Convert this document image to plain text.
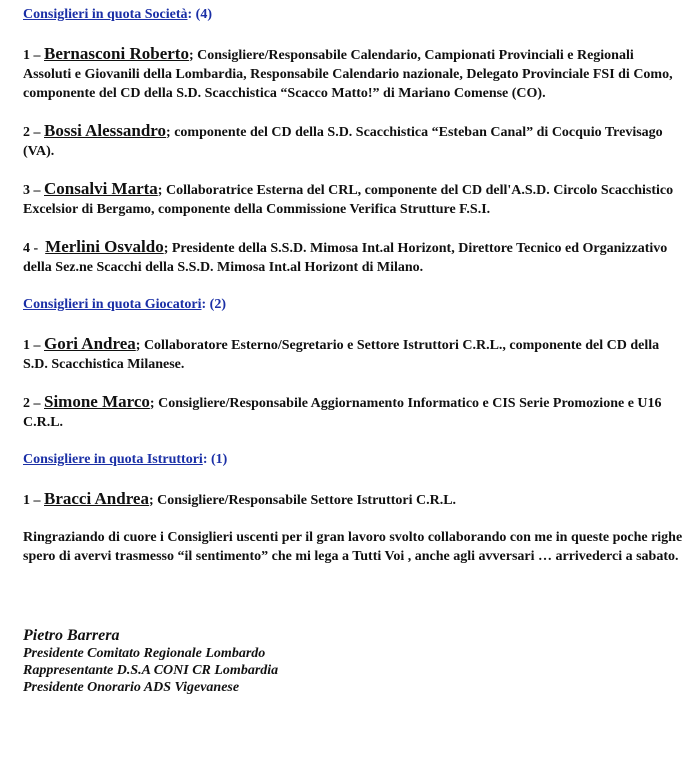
Consiglieri in quota Società: (4)

1 – Bernasconi Roberto; Consigliere/Responsabile Calendario, Campionati Provinciali e Regionali Assoluti e Giovanili della Lombardia, Responsabile Calendario nazionale, Delegato Provinciale FSI di Como, componente del CD della S.D. Scacchistica “Scacco Matto!” di Mariano Comense (CO).

2 – Bossi Alessandro; componente del CD della S.D. Scacchistica “Esteban Canal” di Cocquio Trevisago (VA).

3 – Consalvi Marta; Collaboratrice Esterna del CRL, componente del CD dell'A.S.D. Circolo Scacchistico Excelsior di Bergamo, componente della Commissione Verifica Strutture F.S.I.

4 -  Merlini Osvaldo; Presidente della S.S.D. Mimosa Int.al Horizont, Direttore Tecnico ed Organizzativo della Sez.ne Scacchi della S.S.D. Mimosa Int.al Horizont di Milano.

Consiglieri in quota Giocatori: (2)

1 – Gori Andrea; Collaboratore Esterno/Segretario e Settore Istruttori C.R.L., componente del CD della S.D. Scacchistica Milanese.

2 – Simone Marco; Consigliere/Responsabile Aggiornamento Informatico e CIS Serie Promozione e U16 C.R.L.

Consigliere in quota Istruttori: (1)

1 – Bracci Andrea; Consigliere/Responsabile Settore Istruttori C.R.L.

Ringraziando di cuore i Consiglieri uscenti per il gran lavoro svolto collaborando con me in queste poche righe spero di avervi trasmesso “il sentimento” che mi lega a Tutti Voi , anche agli avversari … arrivederci a sabato.

Pietro Barrera

Presidente Comitato Regionale Lombardo

Rappresentante D.S.A CONI CR Lombardia

Presidente Onorario ADS Vigevanese
